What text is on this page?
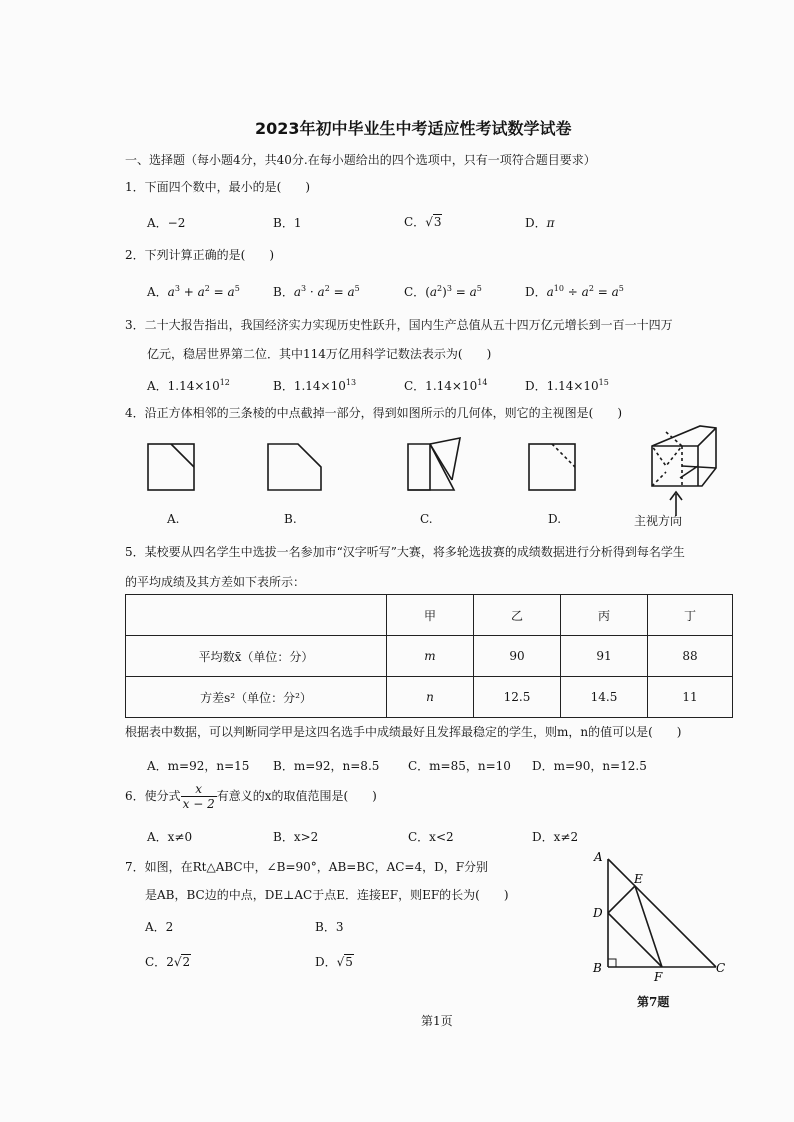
2023年初中毕业生中考适应性考试数学试卷
一、选择题（每小题4分，共40分.在每小题给出的四个选项中，只有一项符合题目要求）
1．下面四个数中，最小的是(　　)
A．−2	B．1	C．√3	D．π
2．下列计算正确的是(　　)
A．$a^3 + a^2 = a^5$	B．$a^3 \cdot a^2 = a^5$	C．$(a^2)^3 = a^5$	D．$a^{10} \div a^2 = a^5$
3．二十大报告指出，我国经济实力实现历史性跃升，国内生产总值从五十四万亿元增长到一百一十四万
亿元，稳居世界第二位．其中114万亿用科学记数法表示为(　　)
A．$1.14\times 10^{12}$	B．$1.14\times 10^{13}$	C．$1.14\times 10^{14}$	D．$1.14\times 10^{15}$
4．沿正方体相邻的三条棱的中点截掉一部分，得到如图所示的几何体，则它的主视图是(　　)
A.	B.	C.	D.	主视方向
5．某校要从四名学生中选拔一名参加市“汉字听写”大赛，将多轮选拔赛的成绩数据进行分析得到每名学生
的平均成绩及其方差如下表所示：
	甲	乙	丙	丁
平均数x̄（单位：分）	m	90	91	88
方差s²（单位：分²）	n	12.5	14.5	11
根据表中数据，可以判断同学甲是这四名选手中成绩最好且发挥最稳定的学生，则m，n的值可以是(　　)
A．m=92，n=15 B．m=92，n=8.5 C．m=85，n=10 D．m=90，n=12.5
6．使分式 $\frac{x}{x - 2}$ 有意义的x的取值范围是(　　)
A．x≠0	B．x>2	C．x<2	D．x≠2
7．如图，在Rt△ABC中，∠B=90°，AB=BC，AC=4，D，F分别
是AB，BC边的中点，DE⊥AC于点E．连接EF，则EF的长为(　　)
A．2	B．3
C．2√2	D．√5
A
E
D
B
F
C
第7题
第1页
